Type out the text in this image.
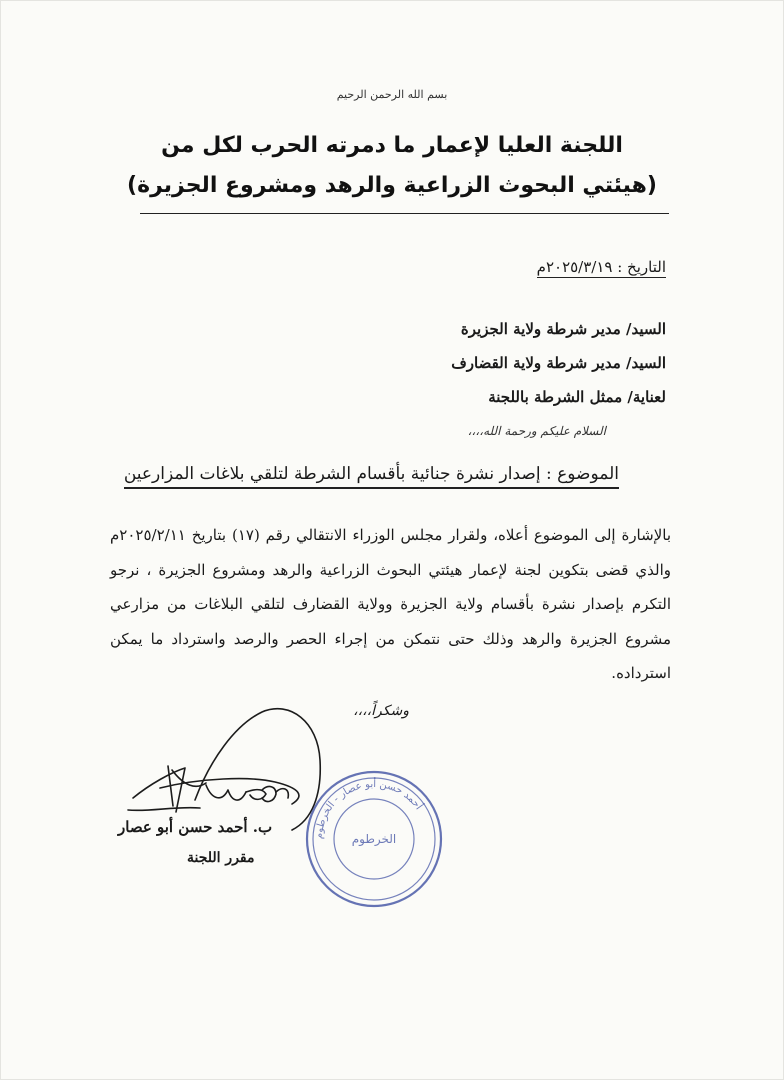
بسم الله الرحمن الرحيم
اللجنة العليا لإعمار ما دمرته الحرب لكل من
(هيئتي البحوث الزراعية والرهد ومشروع الجزيرة)
التاريخ : ٢٠٢٥/٣/١٩م
السيد/ مدير شرطة ولاية الجزيرة
السيد/ مدير شرطة ولاية القضارف
لعناية/ ممثل الشرطة باللجنة
السلام عليكم ورحمة الله،،،،
الموضوع : إصدار نشرة جنائية بأقسام الشرطة لتلقي بلاغات المزارعين
بالإشارة إلى الموضوع أعلاه، ولقرار مجلس الوزراء الانتقالي رقم (١٧) بتاريخ ٢٠٢٥/٢/١١م والذي قضى بتكوين لجنة لإعمار هيئتي البحوث الزراعية والرهد ومشروع الجزيرة ، نرجو التكرم بإصدار نشرة بأقسام ولاية الجزيرة وولاية القضارف لتلقي البلاغات من مزارعي مشروع الجزيرة والرهد وذلك حتى نتمكن من إجراء الحصر والرصد واسترداد ما يمكن استرداده.
وشكراً،،،،
ب. أحمد حسن أبو عصار
مقرر اللجنة
أحمد حسن أبو عصار - الخرطوم
الخرطوم
